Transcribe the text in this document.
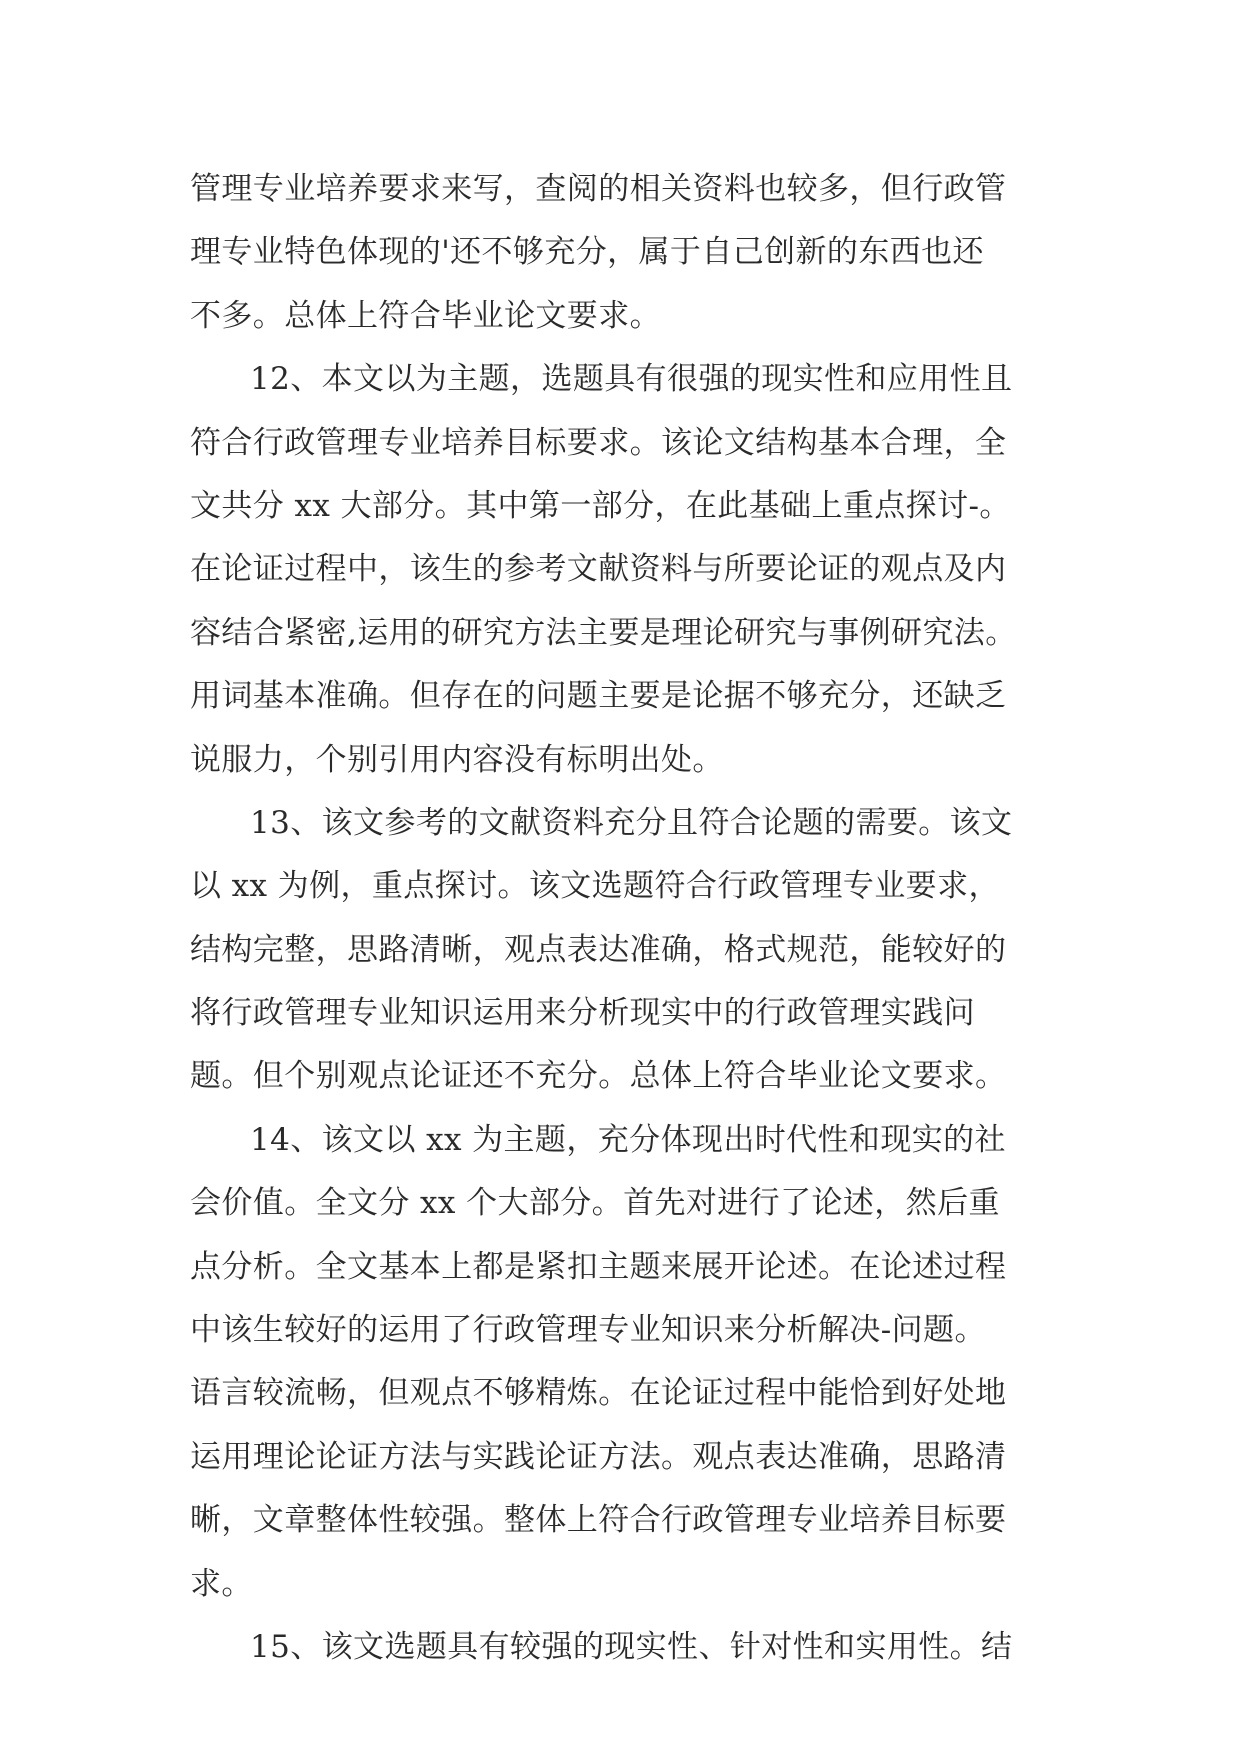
管理专业培养要求来写，查阅的相关资料也较多，但行政管
理专业特色体现的'还不够充分，属于自己创新的东西也还
不多。总体上符合毕业论文要求。
12、本文以为主题，选题具有很强的现实性和应用性且
符合行政管理专业培养目标要求。该论文结构基本合理，全
文共分 xx 大部分。其中第一部分，在此基础上重点探讨-。
在论证过程中，该生的参考文献资料与所要论证的观点及内
容结合紧密,运用的研究方法主要是理论研究与事例研究法。
用词基本准确。但存在的问题主要是论据不够充分，还缺乏
说服力，个别引用内容没有标明出处。
13、该文参考的文献资料充分且符合论题的需要。该文
以 xx 为例，重点探讨。该文选题符合行政管理专业要求，
结构完整，思路清晰，观点表达准确，格式规范，能较好的
将行政管理专业知识运用来分析现实中的行政管理实践问
题。但个别观点论证还不充分。总体上符合毕业论文要求。
14、该文以 xx 为主题，充分体现出时代性和现实的社
会价值。全文分 xx 个大部分。首先对进行了论述，然后重
点分析。全文基本上都是紧扣主题来展开论述。在论述过程
中该生较好的运用了行政管理专业知识来分析解决-问题。
语言较流畅，但观点不够精炼。在论证过程中能恰到好处地
运用理论论证方法与实践论证方法。观点表达准确，思路清
晰，文章整体性较强。整体上符合行政管理专业培养目标要
求。
15、该文选题具有较强的现实性、针对性和实用性。结
